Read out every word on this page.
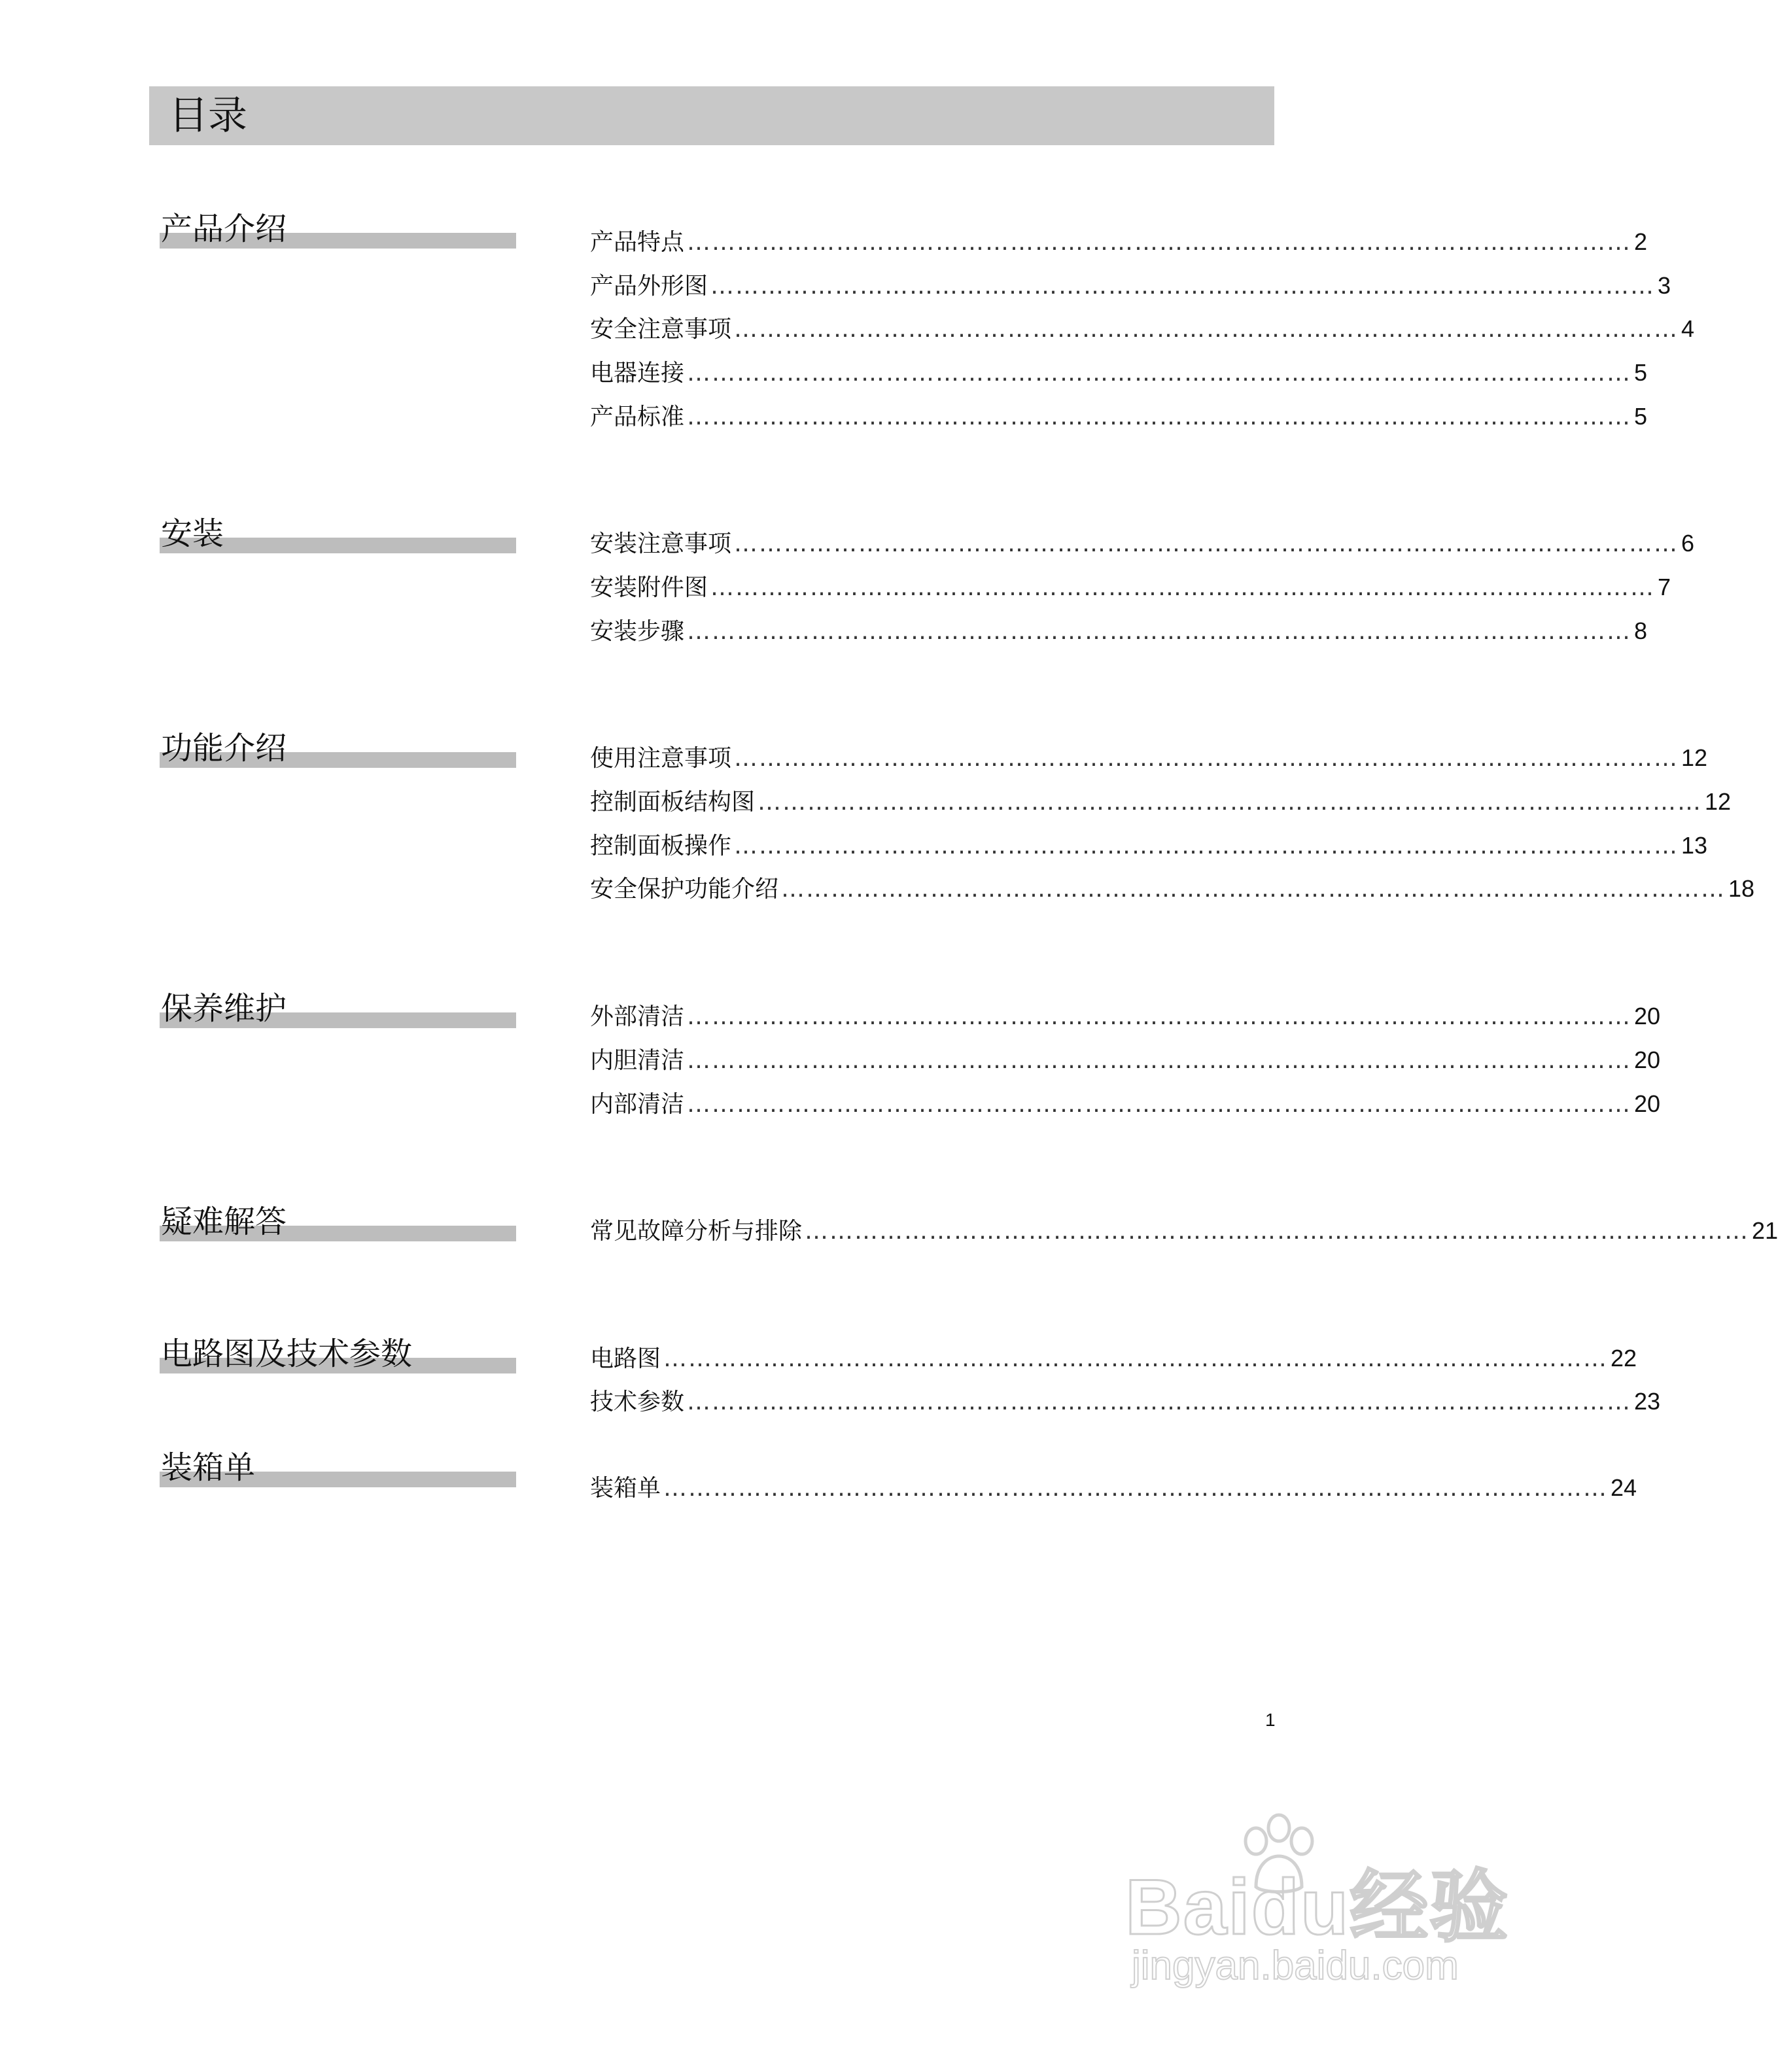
目录
产品介绍	产品特点 …………………………………………………………………………………………………… 2
产品外形图 …………………………………………………………………………………………………… 3
安全注意事项 …………………………………………………………………………………………………… 4
电器连接 …………………………………………………………………………………………………… 5
产品标准 …………………………………………………………………………………………………… 5
安装	安装注意事项 …………………………………………………………………………………………………… 6
安装附件图 …………………………………………………………………………………………………… 7
安装步骤 …………………………………………………………………………………………………… 8
功能介绍	使用注意事项 …………………………………………………………………………………………………… 12
控制面板结构图 …………………………………………………………………………………………………… 12
控制面板操作 …………………………………………………………………………………………………… 13
安全保护功能介绍 …………………………………………………………………………………………………… 18
保养维护	外部清洁 …………………………………………………………………………………………………… 20
内胆清洁 …………………………………………………………………………………………………… 20
内部清洁 …………………………………………………………………………………………………… 20
疑难解答	常见故障分析与排除 …………………………………………………………………………………………………… 21
电路图及技术参数	电路图 …………………………………………………………………………………………………… 22
技术参数 …………………………………………………………………………………………………… 23
装箱单
装箱单 …………………………………………………………………………………………………… 24
1
Baidu经验
jingyan.baidu.com
